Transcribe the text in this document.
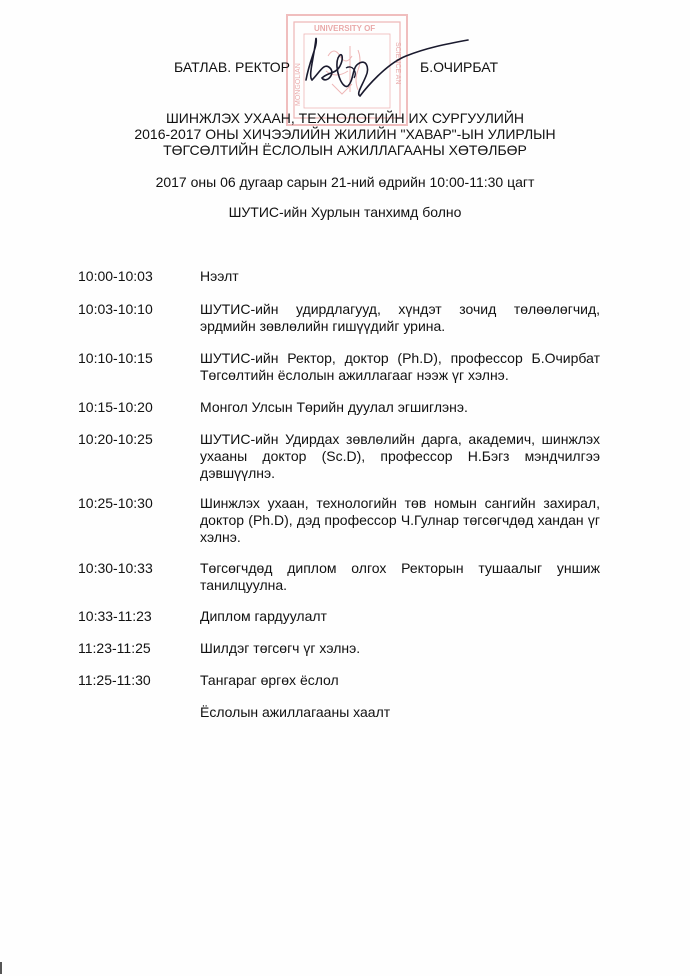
UNIVERSITY OF
MONGOLIAN	SCIENCE AN
БАТЛАВ. РЕКТОР	Б.ОЧИРБАТ
ШИНЖЛЭХ УХААН, ТЕХНОЛОГИЙН ИХ СУРГУУЛИЙН
2016-2017 ОНЫ ХИЧЭЭЛИЙН ЖИЛИЙН "ХАВАР"-ЫН УЛИРЛЫН
ТӨГСӨЛТИЙН ЁСЛОЛЫН АЖИЛЛАГААНЫ ХӨТӨЛБӨР
2017 оны 06 дугаар сарын 21-ний өдрийн 10:00-11:30 цагт
ШУТИС-ийн Хурлын танхимд болно
10:00-10:03	Нээлт
10:03-10:10	ШУТИС-ийн удирдлагууд, хүндэт зочид төлөөлөгчид, эрдмийн зөвлөлийн гишүүдийг урина.
10:10-10:15	ШУТИС-ийн Ректор, доктор (Ph.D), профессор Б.Очирбат Төгсөлтийн ёслолын ажиллагааг нээж үг хэлнэ.
10:15-10:20	Монгол Улсын Төрийн дуулал эгшиглэнэ.
10:20-10:25	ШУТИС-ийн Удирдах зөвлөлийн дарга, академич, шинжлэх ухааны доктор (Sc.D), профессор Н.Бэгз мэндчилгээ дэвшүүлнэ.
10:25-10:30	Шинжлэх ухаан, технологийн төв номын сангийн захирал, доктор (Ph.D), дэд профессор Ч.Гулнар төгсөгчдөд хандан үг хэлнэ.
10:30-10:33	Төгсөгчдөд диплом олгох Ректорын тушаалыг уншиж танилцуулна.
10:33-11:23	Диплом гардуулалт
11:23-11:25	Шилдэг төгсөгч үг хэлнэ.
11:25-11:30	Тангараг өргөх ёслол
Ёслолын ажиллагааны хаалт
